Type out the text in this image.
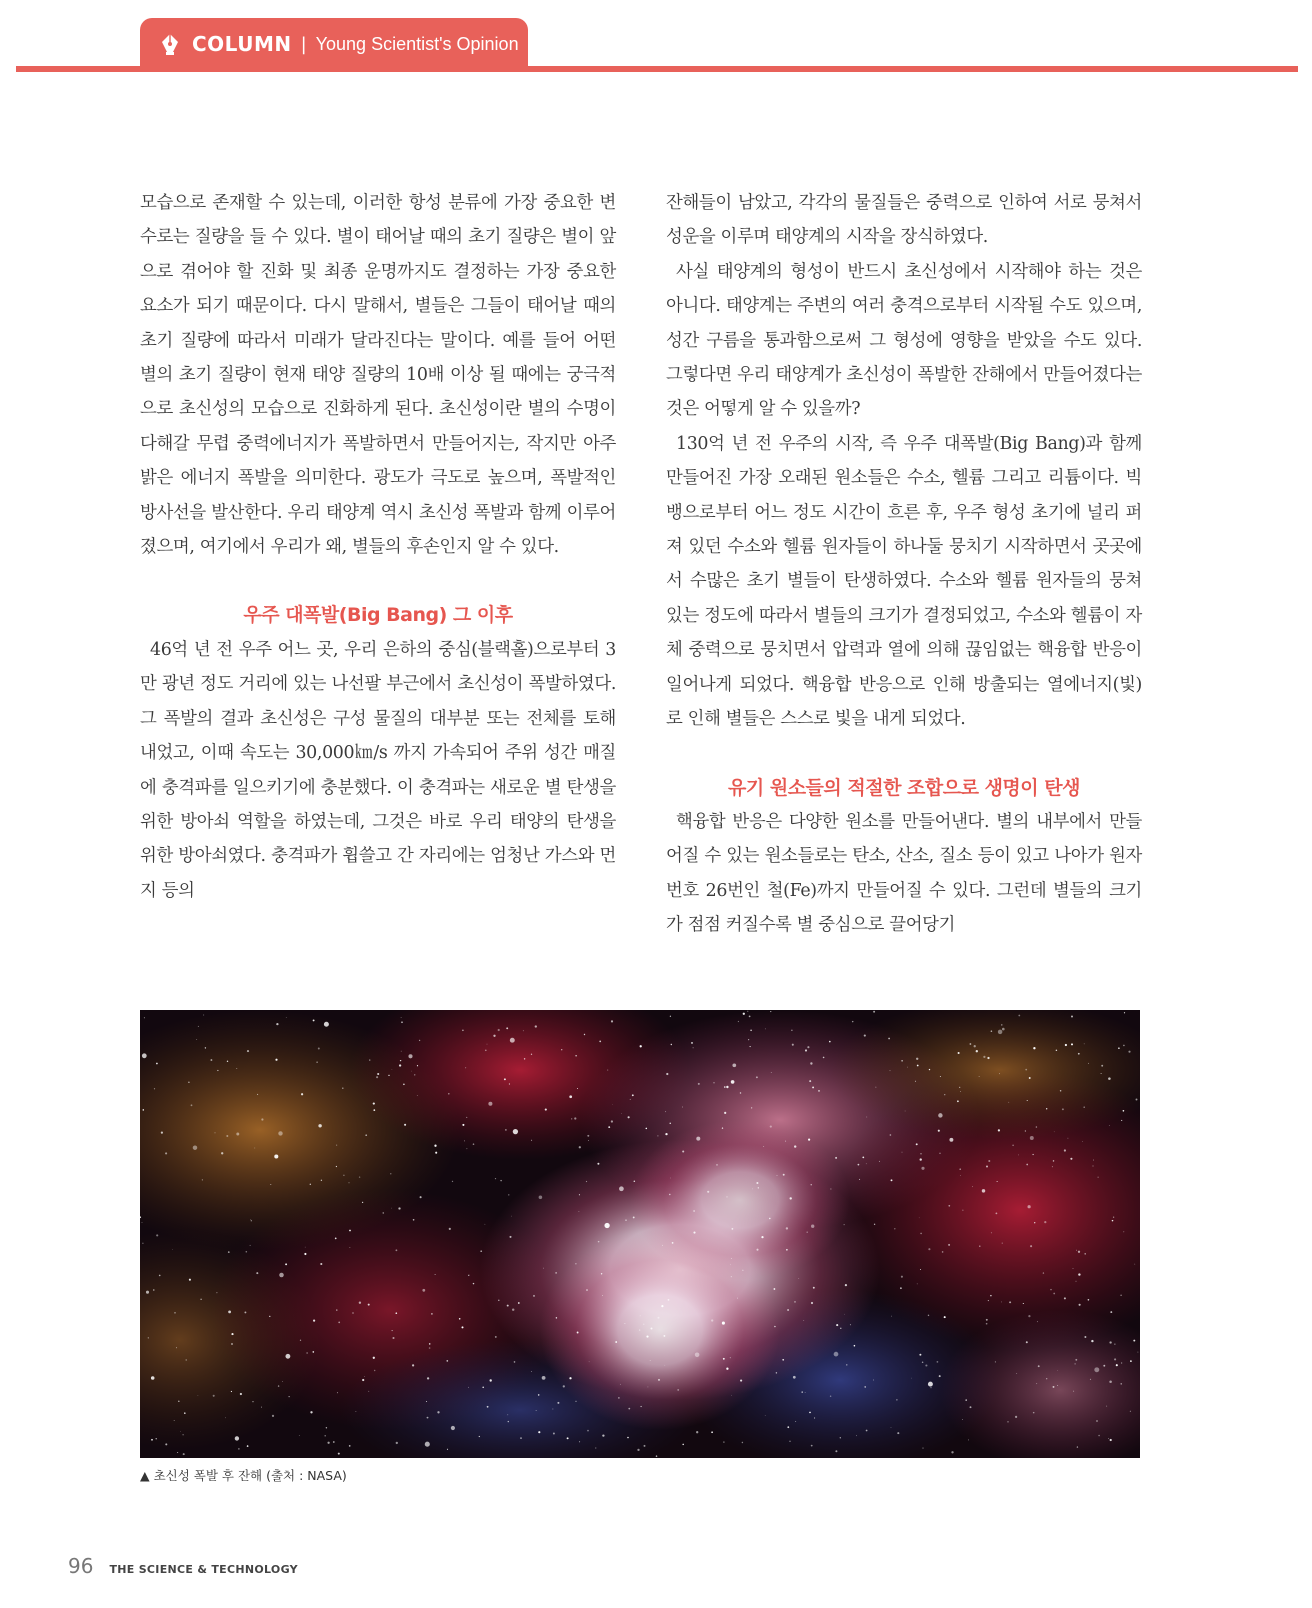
COLUMN | Young Scientist's Opinion

모습으로 존재할 수 있는데, 이러한 항성 분류에 가장 중요한 변수로는 질량을 들 수 있다. 별이 태어날 때의 초기 질량은 별이 앞으로 겪어야 할 진화 및 최종 운명까지도 결정하는 가장 중요한 요소가 되기 때문이다. 다시 말해서, 별들은 그들이 태어날 때의 초기 질량에 따라서 미래가 달라진다는 말이다. 예를 들어 어떤 별의 초기 질량이 현재 태양 질량의 10배 이상 될 때에는 궁극적으로 초신성의 모습으로 진화하게 된다. 초신성이란 별의 수명이 다해갈 무렵 중력에너지가 폭발하면서 만들어지는, 작지만 아주 밝은 에너지 폭발을 의미한다. 광도가 극도로 높으며, 폭발적인 방사선을 발산한다. 우리 태양계 역시 초신성 폭발과 함께 이루어졌으며, 여기에서 우리가 왜, 별들의 후손인지 알 수 있다.

우주 대폭발(Big Bang) 그 이후

46억 년 전 우주 어느 곳, 우리 은하의 중심(블랙홀)으로부터 3만 광년 정도 거리에 있는 나선팔 부근에서 초신성이 폭발하였다. 그 폭발의 결과 초신성은 구성 물질의 대부분 또는 전체를 토해 내었고, 이때 속도는 30,000㎞/s 까지 가속되어 주위 성간 매질에 충격파를 일으키기에 충분했다. 이 충격파는 새로운 별 탄생을 위한 방아쇠 역할을 하였는데, 그것은 바로 우리 태양의 탄생을 위한 방아쇠였다. 충격파가 휩쓸고 간 자리에는 엄청난 가스와 먼지 등의

잔해들이 남았고, 각각의 물질들은 중력으로 인하여 서로 뭉쳐서 성운을 이루며 태양계의 시작을 장식하였다.

사실 태양계의 형성이 반드시 초신성에서 시작해야 하는 것은 아니다. 태양계는 주변의 여러 충격으로부터 시작될 수도 있으며, 성간 구름을 통과함으로써 그 형성에 영향을 받았을 수도 있다. 그렇다면 우리 태양계가 초신성이 폭발한 잔해에서 만들어졌다는 것은 어떻게 알 수 있을까?

130억 년 전 우주의 시작, 즉 우주 대폭발(Big Bang)과 함께 만들어진 가장 오래된 원소들은 수소, 헬륨 그리고 리튬이다. 빅뱅으로부터 어느 정도 시간이 흐른 후, 우주 형성 초기에 널리 퍼져 있던 수소와 헬륨 원자들이 하나둘 뭉치기 시작하면서 곳곳에서 수많은 초기 별들이 탄생하였다. 수소와 헬륨 원자들의 뭉쳐 있는 정도에 따라서 별들의 크기가 결정되었고, 수소와 헬륨이 자체 중력으로 뭉치면서 압력과 열에 의해 끊임없는 핵융합 반응이 일어나게 되었다. 핵융합 반응으로 인해 방출되는 열에너지(빛)로 인해 별들은 스스로 빛을 내게 되었다.

유기 원소들의 적절한 조합으로 생명이 탄생

핵융합 반응은 다양한 원소를 만들어낸다. 별의 내부에서 만들어질 수 있는 원소들로는 탄소, 산소, 질소 등이 있고 나아가 원자번호 26번인 철(Fe)까지 만들어질 수 있다. 그런데 별들의 크기가 점점 커질수록 별 중심으로 끌어당기

▲ 초신성 폭발 후 잔해 (출처 : NASA)
96 THE SCIENCE & TECHNOLOGY
